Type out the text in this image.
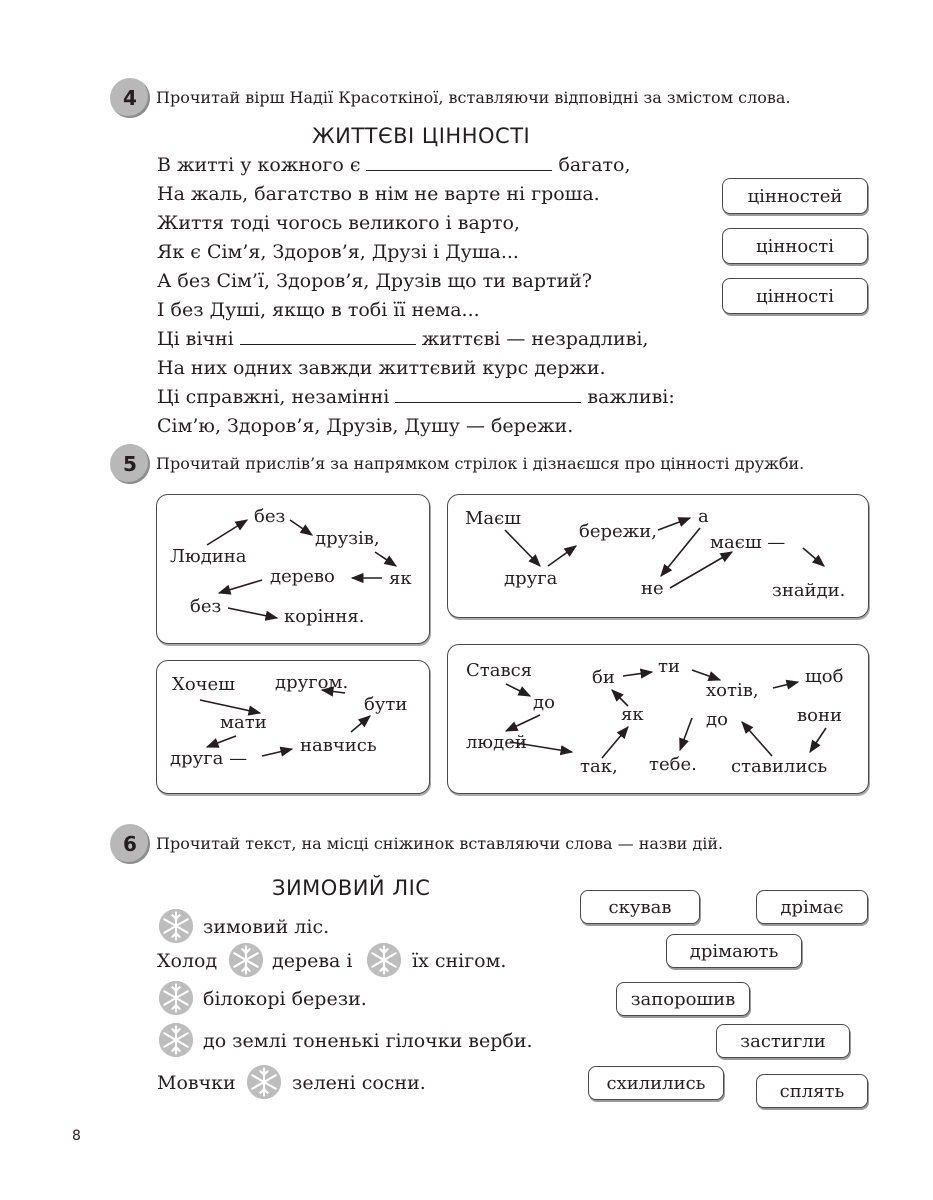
4 Прочитай вірш Надії Красоткіної, вставляючи відповідні за змістом слова.
ЖИТТЄВІ ЦІННОСТІ
В житті у кожного є	багато,
На жаль, багатство в нім не варте ні гроша.
Життя тоді чогось великого і варто,
Як є Сім’я, Здоров’я, Друзі і Душа...
А без Сім’ї, Здоров’я, Друзів що ти вартий?
І без Душі, якщо в тобі її нема...
Ці вічні	життєві — незрадливі,
На них одних завжди життєвий курс держи.
Ці справжні, незамінні	важливі:
Сім’ю, Здоров’я, Друзів, Душу — бережи.
цінностей
цінності
цінності
5 Прочитай прислів’я за напрямком стрілок і дізнаєшся про цінності дружби.
Людина
без
друзів,
як
дерево
без	коріння.
Маєш
друга
бережи,
а
не
маєш —
знайди.
Хочеш
мати
друга —
навчись
бути
другом.
Стався
до
людей
так,
як
би
ти
хотів,
щоб
вони
ставились
до
тебе.
6 Прочитай текст, на місці сніжинок вставляючи слова — назви дій.
ЗИМОВИЙ ЛІС
зимовий ліс.
Холод	дерева і	їх снігом.
білокорі берези.
до землі тоненькі гілочки верби.
Мовчки	зелені сосни.
скував	дрімає
дрімають
запорошив
застигли
схилились	сплять
8
